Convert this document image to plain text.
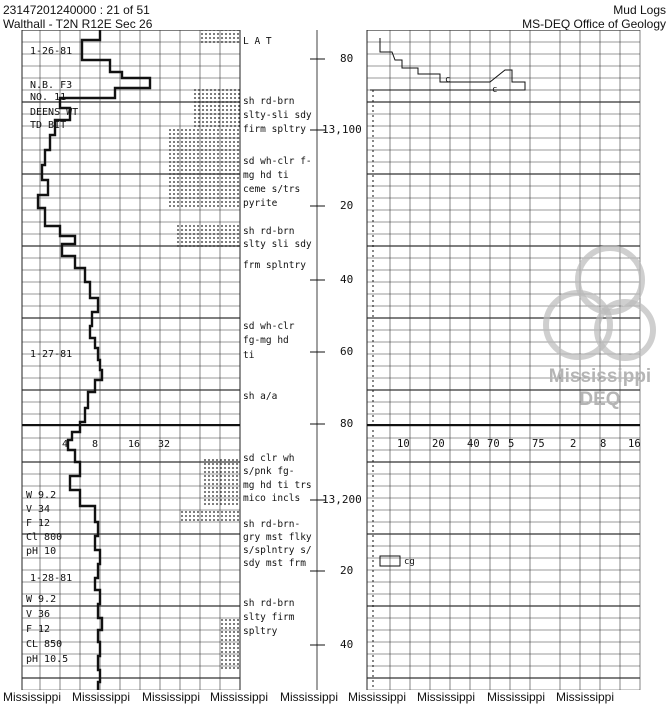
23147201240000 : 21 of 51
Walthall - T2N R12E Sec 26
Mud Logs
MS-DEQ Office of Geology
1-26-81
N.B. F3
NO. 11
DEENS WT
TD BIT
1-27-81
1-28-81
W 9.2
V 34
F 12
Cl 800
pH 10
W 9.2
V 36
F 12
CL 850
pH 10.5
4 8	16 32
L A T
sh rd-brn
slty-sli sdy
firm spltry
sd wh-clr f-
mg hd ti
ceme s/trs
pyrite
sh rd-brn
slty sli sdy
frm splntry
sd wh-clr
fg-mg hd
ti
sh a/a
sd clr wh
s/pnk fg-
mg hd ti trs
mico incls
sh rd-brn-
gry mst flky
s/splntry s/
sdy mst frm
sh rd-brn
slty firm
spltry
80
13,100
20
40
60
80
13,200
20
40
10 20 40 70 5 75 2 8 16
c
c
cg
Mississippi
DEQ
Mississippi Mississippi Mississippi Mississippi Mississippi Mississippi Mississippi Mississippi Mississippi
